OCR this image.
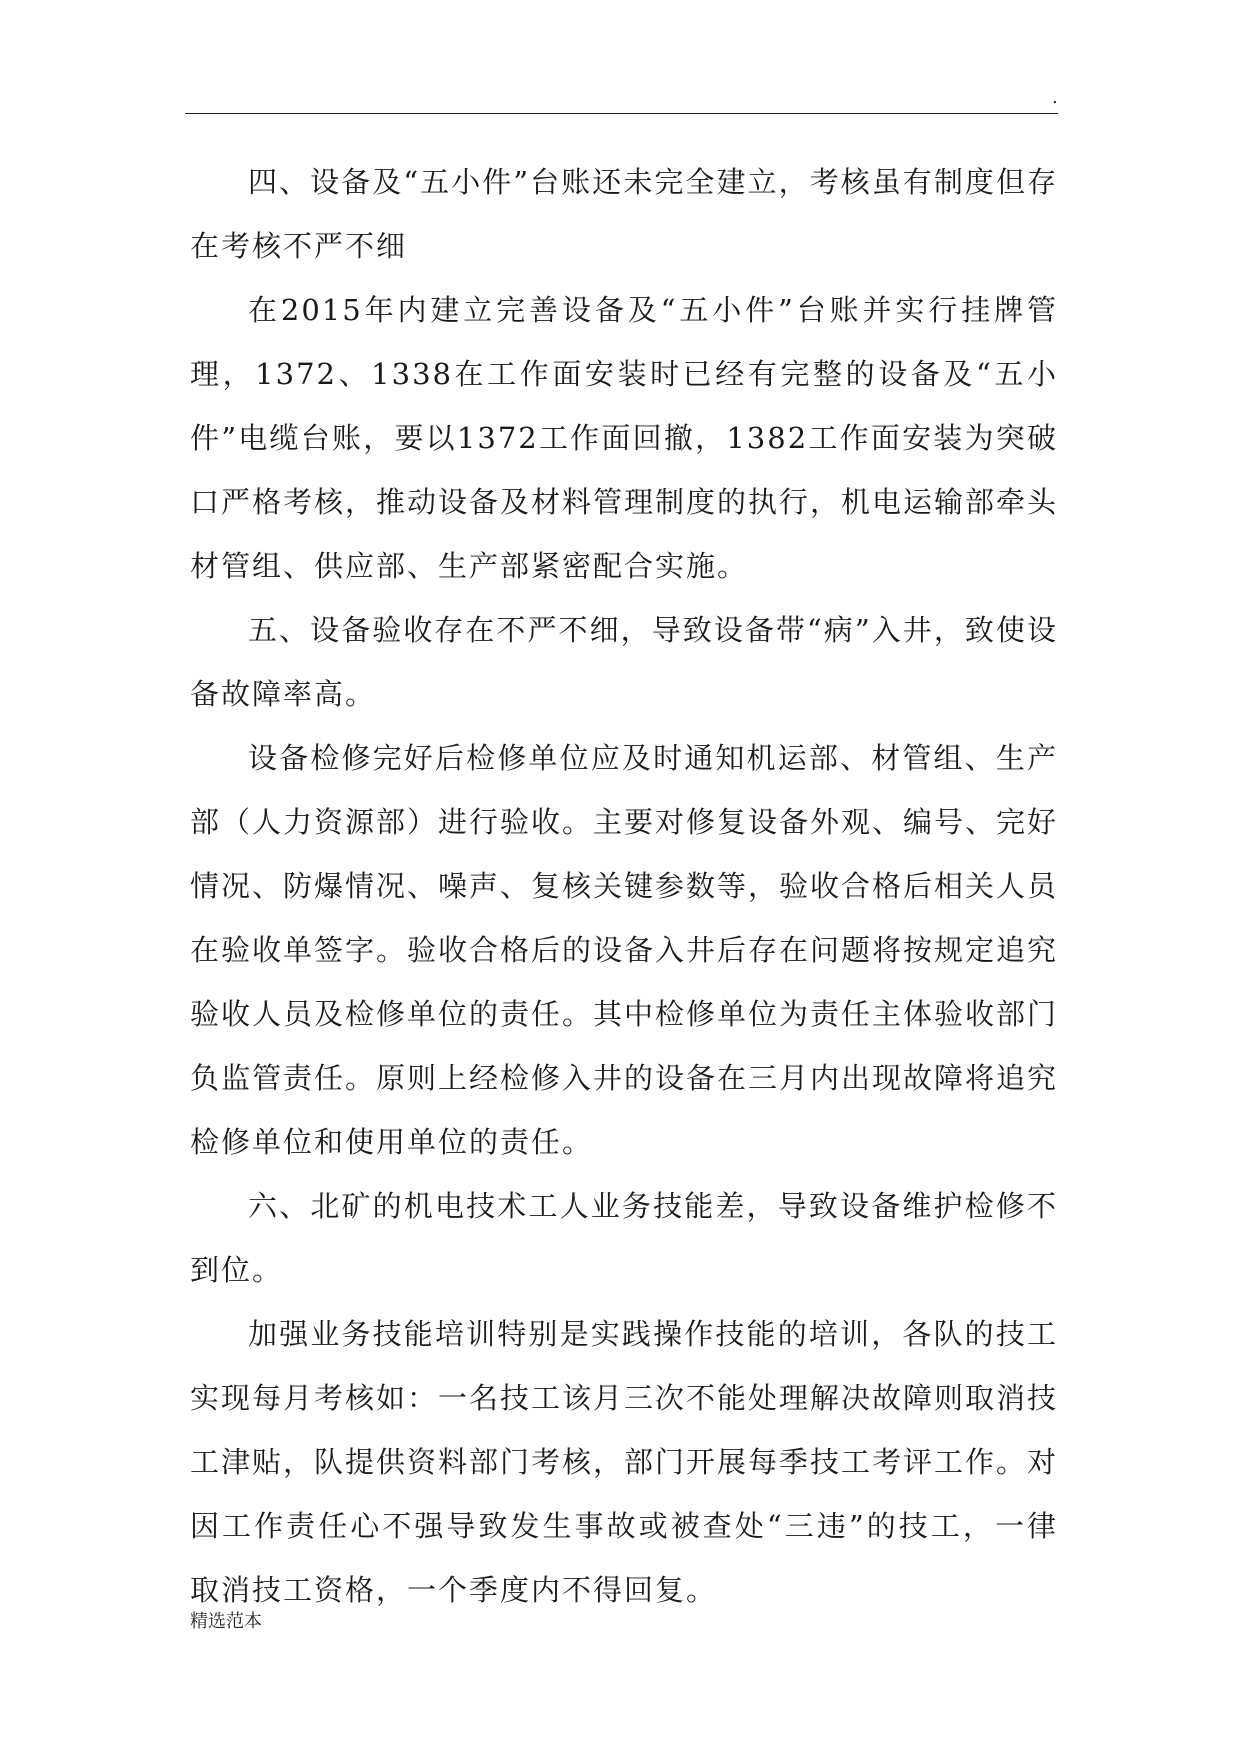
.

四、设备及“五小件”台账还未完全建立，考核虽有制度但存在考核不严不细

在2015年内建立完善设备及“五小件”台账并实行挂牌管理，1372、1338在工作面安装时已经有完整的设备及“五小件”电缆台账，要以1372工作面回撤，1382工作面安装为突破口严格考核，推动设备及材料管理制度的执行，机电运输部牵头材管组、供应部、生产部紧密配合实施。

五、设备验收存在不严不细，导致设备带“病”入井，致使设备故障率高。

设备检修完好后检修单位应及时通知机运部、材管组、生产部（人力资源部）进行验收。主要对修复设备外观、编号、完好情况、防爆情况、噪声、复核关键参数等，验收合格后相关人员在验收单签字。验收合格后的设备入井后存在问题将按规定追究验收人员及检修单位的责任。其中检修单位为责任主体验收部门负监管责任。原则上经检修入井的设备在三月内出现故障将追究检修单位和使用单位的责任。

六、北矿的机电技术工人业务技能差，导致设备维护检修不到位。

加强业务技能培训特别是实践操作技能的培训，各队的技工实现每月考核如：一名技工该月三次不能处理解决故障则取消技工津贴，队提供资料部门考核，部门开展每季技工考评工作。对因工作责任心不强导致发生事故或被查处“三违”的技工，一律取消技工资格，一个季度内不得回复。

精选范本
